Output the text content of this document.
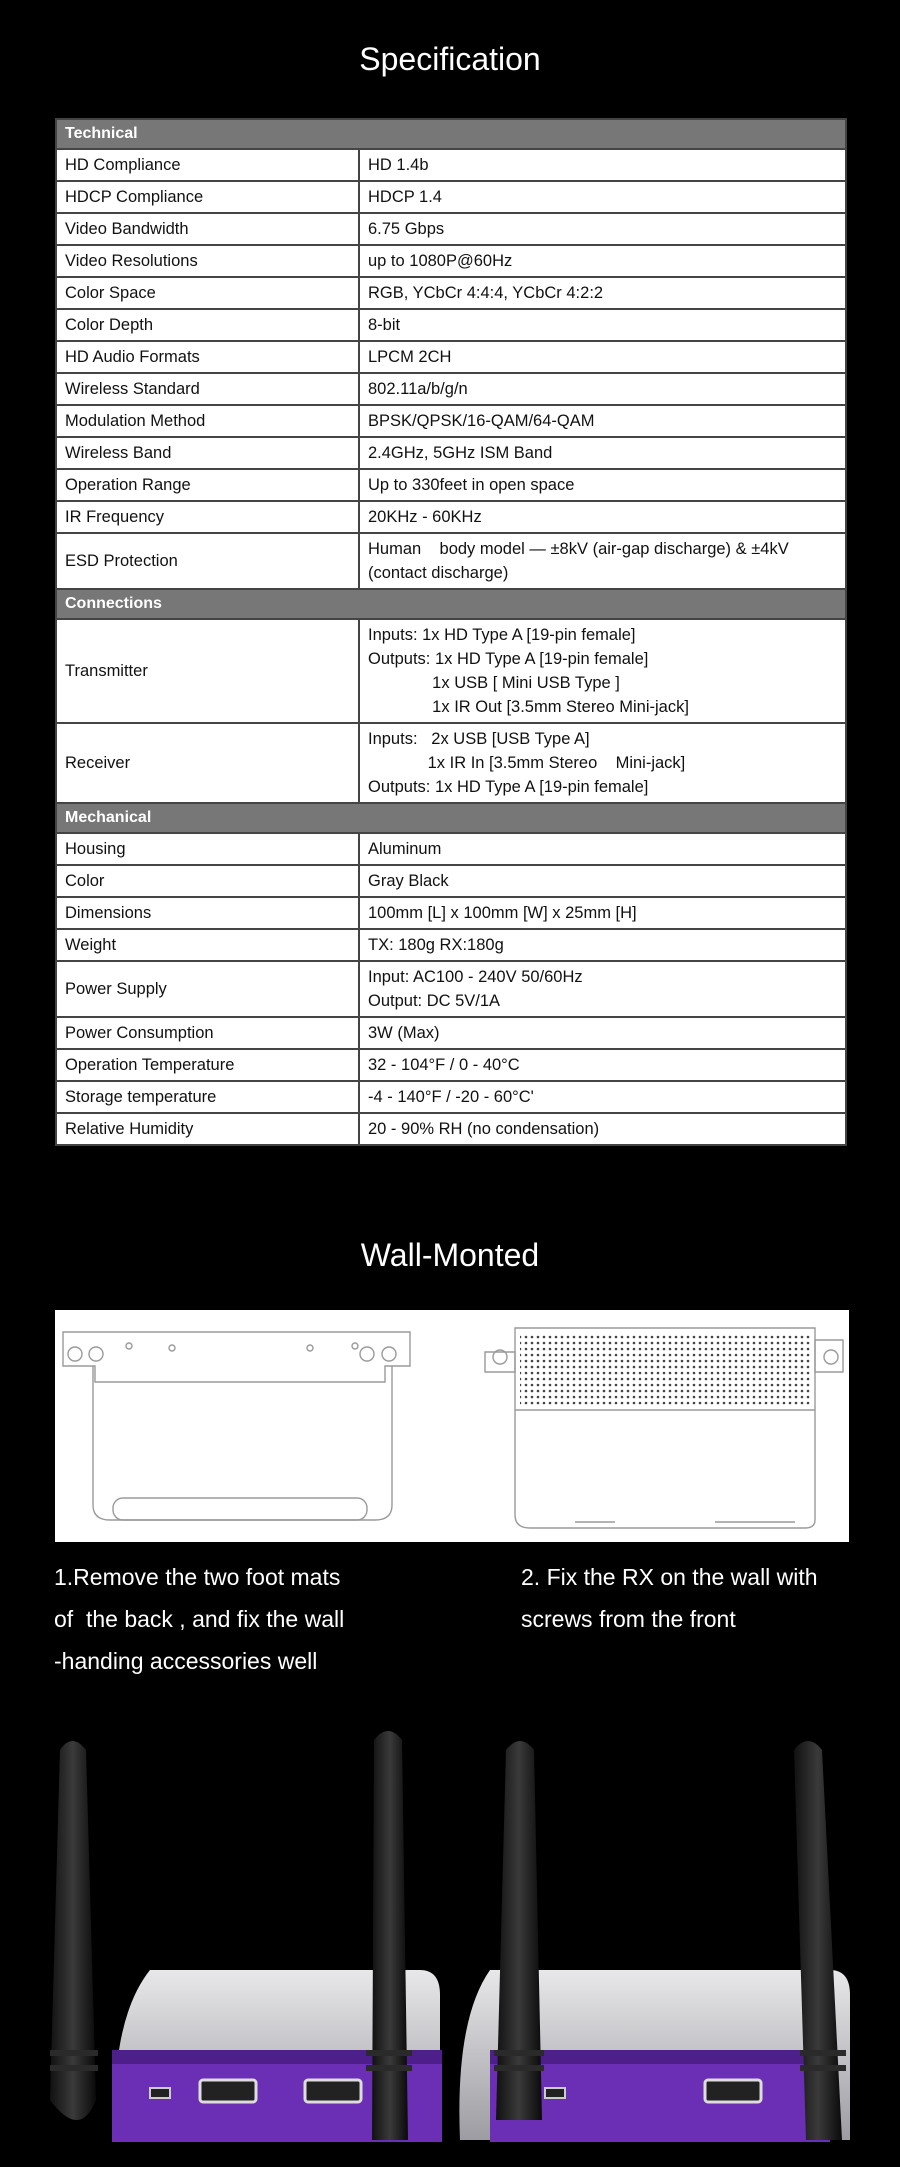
Specification
Technical	
HD Compliance	HD 1.4b
HDCP Compliance	HDCP 1.4
Video Bandwidth	6.75 Gbps
Video Resolutions	up to 1080P@60Hz
Color Space	RGB, YCbCr 4:4:4, YCbCr 4:2:2
Color Depth	8-bit
HD Audio Formats	LPCM 2CH
Wireless Standard	802.11a/b/g/n
Modulation Method	BPSK/QPSK/16-QAM/64-QAM
Wireless Band	2.4GHz, 5GHz ISM Band
Operation Range	Up to 330feet in open space
IR Frequency	20KHz - 60KHz
ESD Protection	Human    body model — ±8kV (air-gap discharge) & ±4kV
(contact discharge)

Connections	
Transmitter	Inputs: 1x HD Type A [19-pin female]
Outputs: 1x HD Type A [19-pin female]
1x USB [ Mini USB Type ]
1x IR Out [3.5mm Stereo Mini-jack]

Receiver	Inputs:   2x USB [USB Type A]
1x IR In [3.5mm Stereo    Mini-jack]
Outputs: 1x HD Type A [19-pin female]

Mechanical	
Housing	Aluminum
Color	Gray Black
Dimensions	100mm [L] x 100mm [W] x 25mm [H]
Weight	TX: 180g RX:180g
Power Supply	Input: AC100 - 240V 50/60Hz
Output: DC 5V/1A

Power Consumption	3W (Max)
Operation Temperature	32 - 104°F / 0 - 40°C
Storage temperature	-4 - 140°F / -20 - 60°C'
Relative Humidity	20 - 90% RH (no condensation)
Wall-Monted
1.Remove the two foot mats
of  the back , and fix the wall
-handing accessories well
2. Fix the RX on the wall with
screws from the front
